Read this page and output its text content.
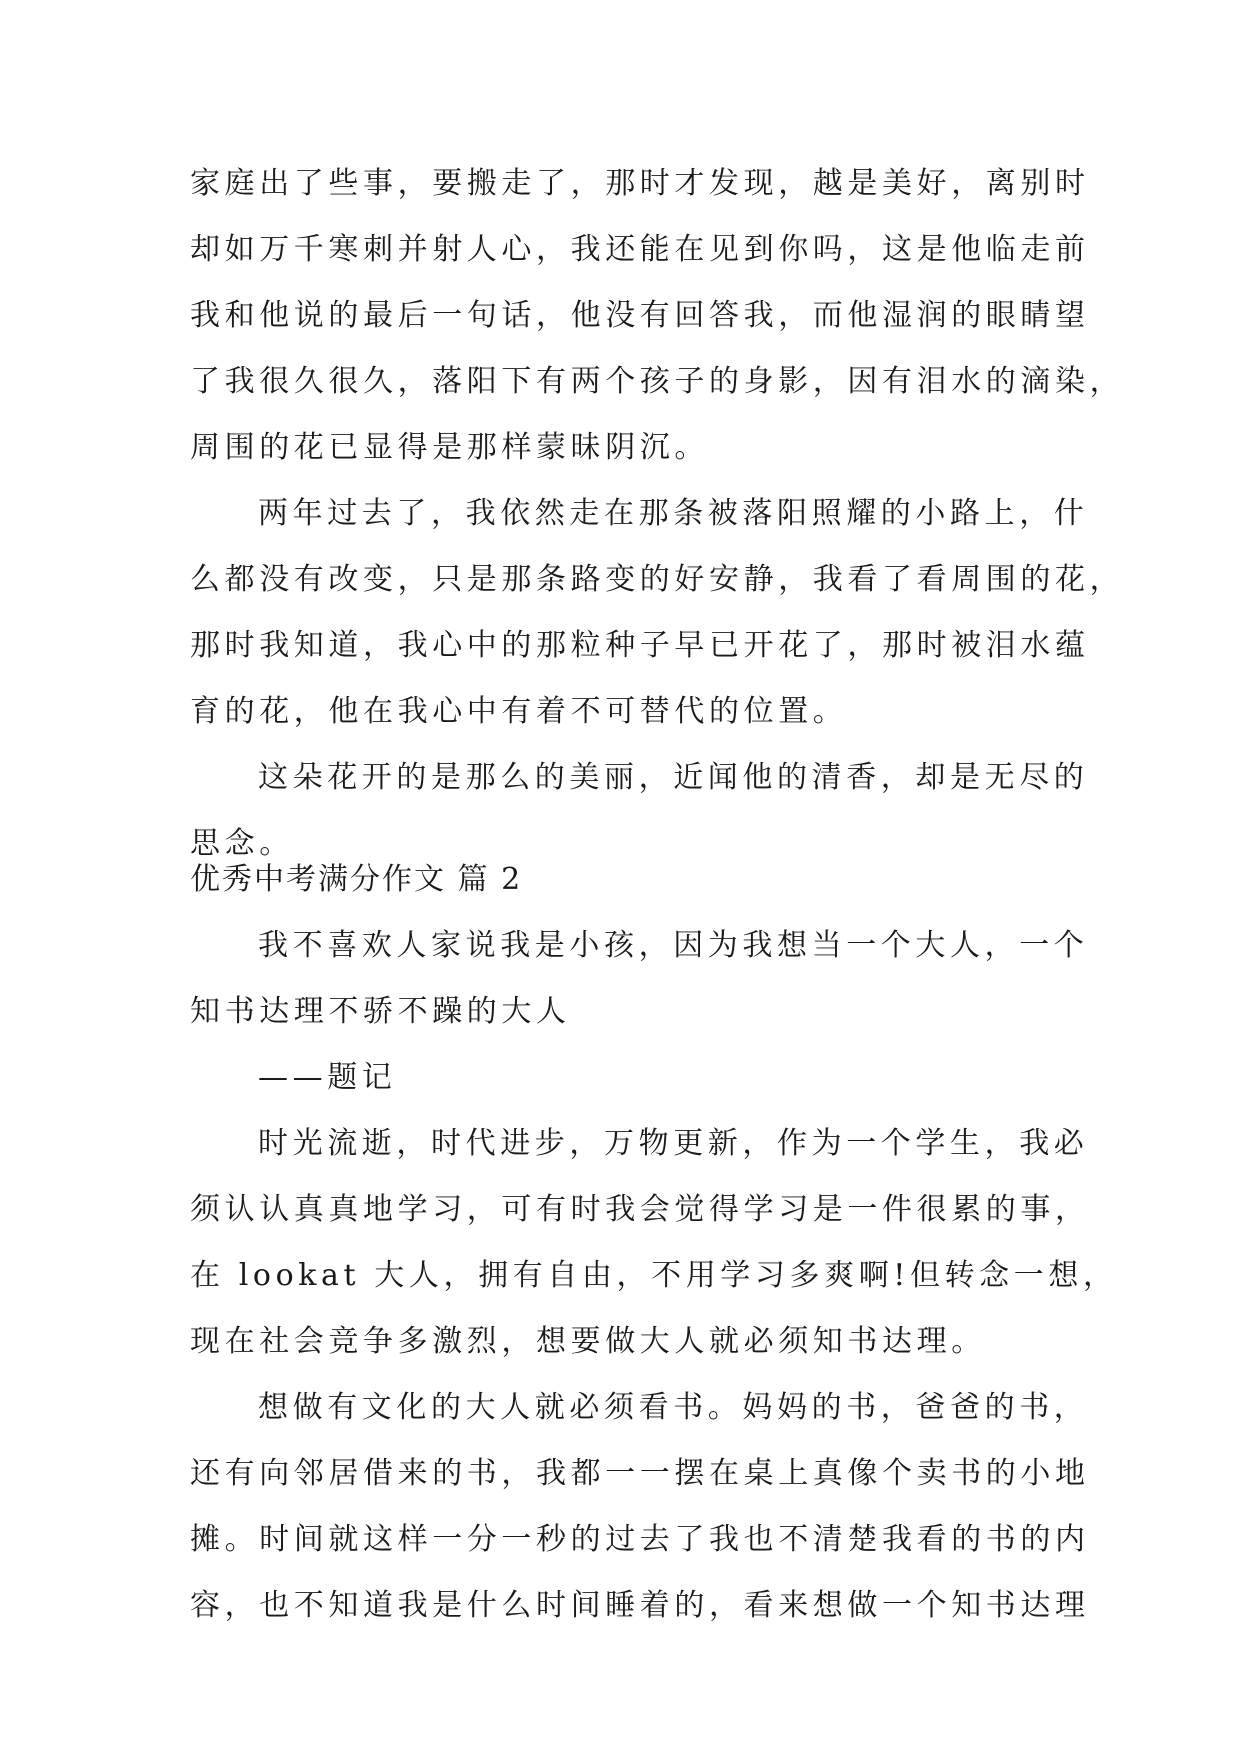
家庭出了些事，要搬走了，那时才发现，越是美好，离别时
却如万千寒刺并射人心，我还能在见到你吗，这是他临走前
我和他说的最后一句话，他没有回答我，而他湿润的眼睛望
了我很久很久，落阳下有两个孩子的身影，因有泪水的滴染，
周围的花已显得是那样蒙昧阴沉。
两年过去了，我依然走在那条被落阳照耀的小路上，什
么都没有改变，只是那条路变的好安静，我看了看周围的花，
那时我知道，我心中的那粒种子早已开花了，那时被泪水蕴
育的花，他在我心中有着不可替代的位置。
这朵花开的是那么的美丽，近闻他的清香，却是无尽的
思念。
优秀中考满分作文 篇 2
我不喜欢人家说我是小孩，因为我想当一个大人，一个
知书达理不骄不躁的大人
——题记
时光流逝，时代进步，万物更新，作为一个学生，我必
须认认真真地学习，可有时我会觉得学习是一件很累的事，
在 lookat 大人，拥有自由，不用学习多爽啊!但转念一想，
现在社会竞争多激烈，想要做大人就必须知书达理。
想做有文化的大人就必须看书。妈妈的书，爸爸的书，
还有向邻居借来的书，我都一一摆在桌上真像个卖书的小地
摊。时间就这样一分一秒的过去了我也不清楚我看的书的内
容，也不知道我是什么时间睡着的，看来想做一个知书达理
